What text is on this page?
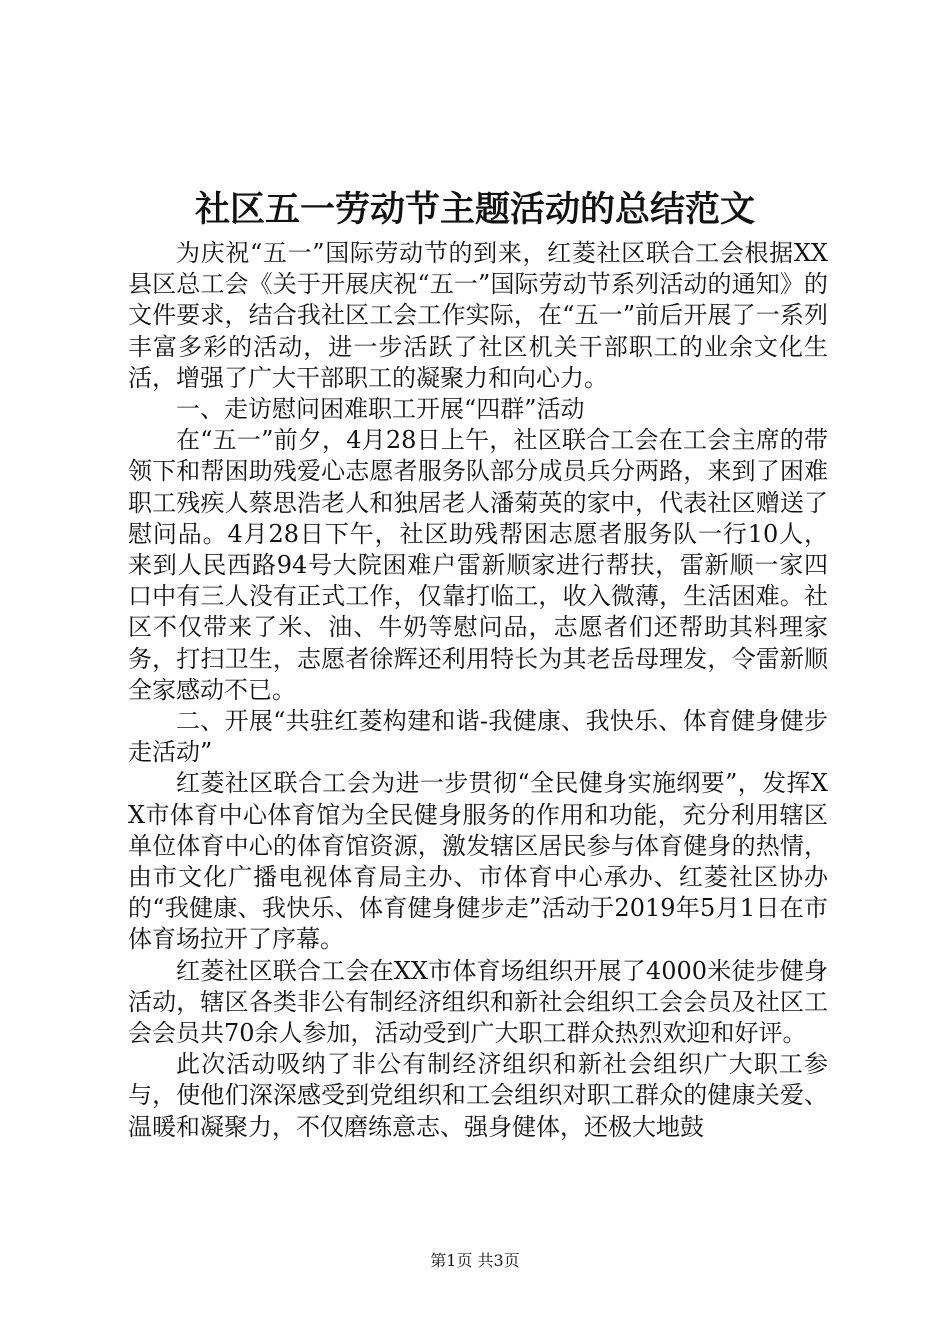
社区五一劳动节主题活动的总结范文

为庆祝“五一”国际劳动节的到来，红菱社区联合工会根据XX县区总工会《关于开展庆祝“五一”国际劳动节系列活动的通知》的文件要求，结合我社区工会工作实际，在“五一”前后开展了一系列丰富多彩的活动，进一步活跃了社区机关干部职工的业余文化生活，增强了广大干部职工的凝聚力和向心力。

一、走访慰问困难职工开展“四群”活动

在“五一”前夕，4月28日上午，社区联合工会在工会主席的带领下和帮困助残爱心志愿者服务队部分成员兵分两路，来到了困难职工残疾人蔡思浩老人和独居老人潘菊英的家中，代表社区赠送了慰问品。4月28日下午，社区助残帮困志愿者服务队一行10人，来到人民西路94号大院困难户雷新顺家进行帮扶，雷新顺一家四口中有三人没有正式工作，仅靠打临工，收入微薄，生活困难。社区不仅带来了米、油、牛奶等慰问品，志愿者们还帮助其料理家务，打扫卫生，志愿者徐辉还利用特长为其老岳母理发，令雷新顺全家感动不已。

二、开展“共驻红菱构建和谐-我健康、我快乐、体育健身健步走活动”

红菱社区联合工会为进一步贯彻“全民健身实施纲要”，发挥XX市体育中心体育馆为全民健身服务的作用和功能，充分利用辖区单位体育中心的体育馆资源，激发辖区居民参与体育健身的热情，由市文化广播电视体育局主办、市体育中心承办、红菱社区协办的“我健康、我快乐、体育健身健步走”活动于2019年5月1日在市体育场拉开了序幕。

红菱社区联合工会在XX市体育场组织开展了4000米徒步健身活动，辖区各类非公有制经济组织和新社会组织工会会员及社区工会会员共70余人参加，活动受到广大职工群众热烈欢迎和好评。

此次活动吸纳了非公有制经济组织和新社会组织广大职工参与，使他们深深感受到党组织和工会组织对职工群众的健康关爱、温暖和凝聚力，不仅磨练意志、强身健体，还极大地鼓

第1页 共3页
